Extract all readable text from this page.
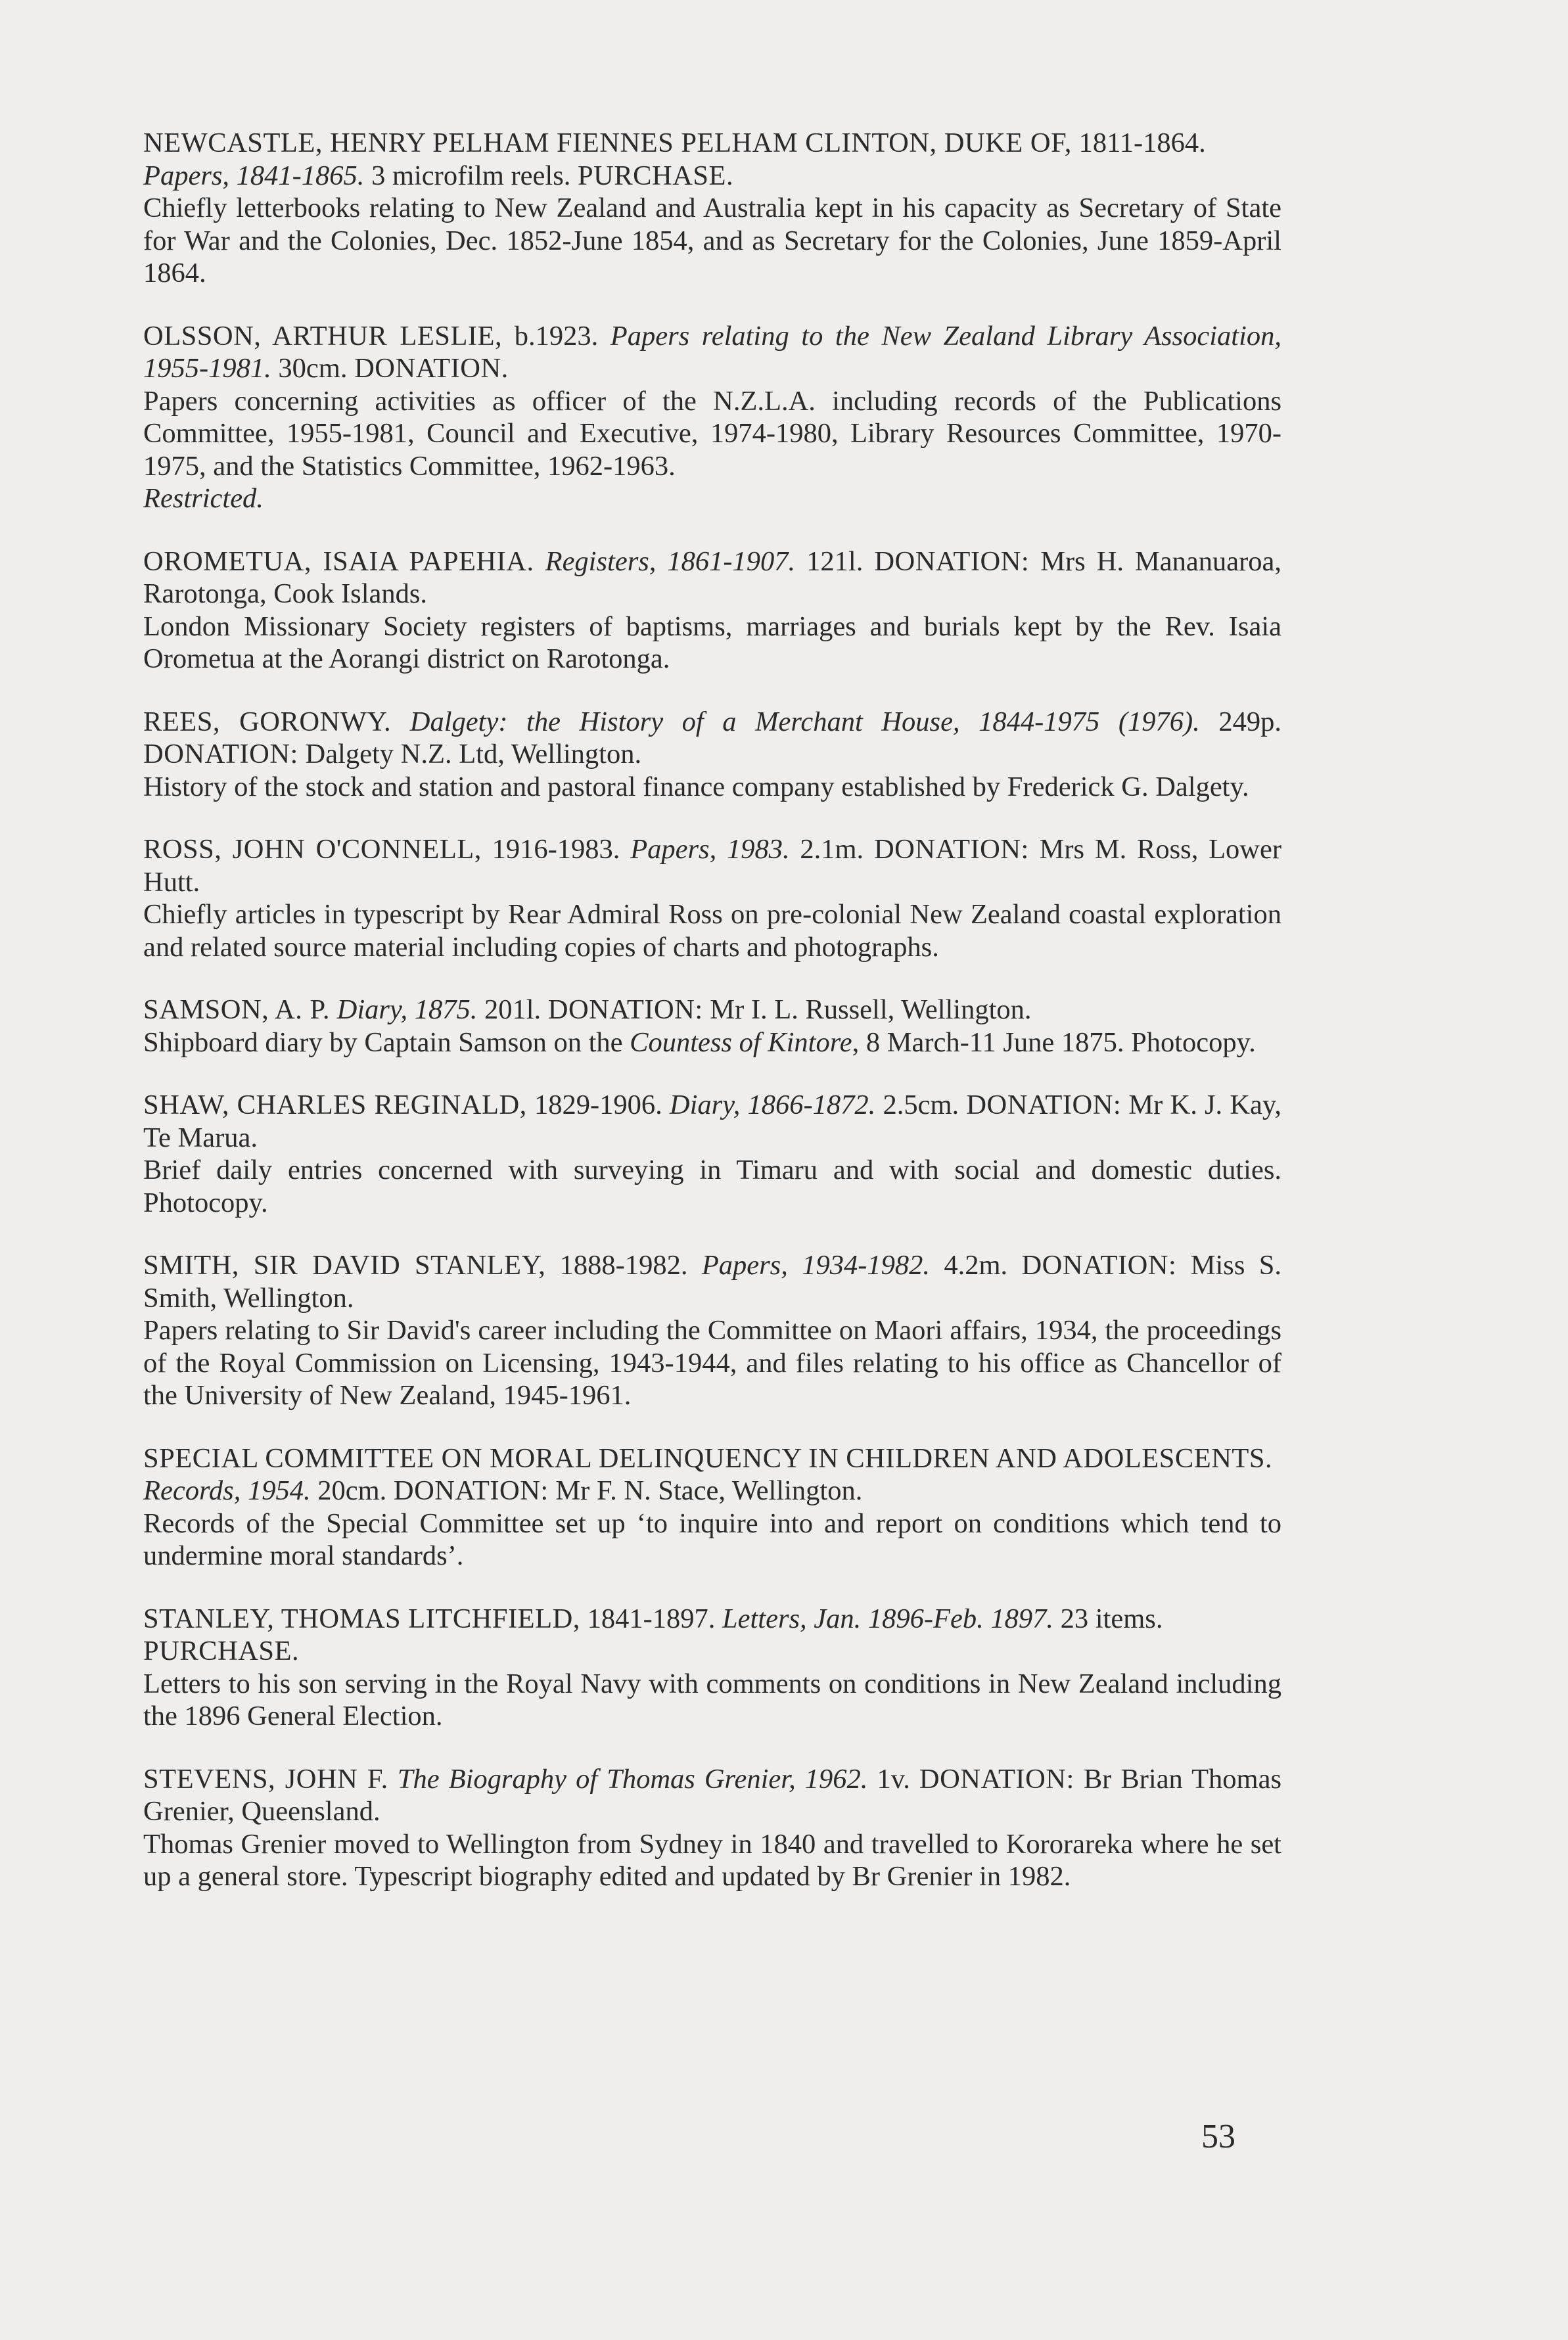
NEWCASTLE, HENRY PELHAM FIENNES PELHAM CLINTON, DUKE OF, 1811-1864.
Papers, 1841-1865. 3 microfilm reels. PURCHASE.
Chiefly letterbooks relating to New Zealand and Australia kept in his capacity as Secretary of State for War and the Colonies, Dec. 1852-June 1854, and as Secretary for the Colonies, June 1859-April 1864.
OLSSON, ARTHUR LESLIE, b.1923. Papers relating to the New Zealand Library Association, 1955-1981. 30cm. DONATION.
Papers concerning activities as officer of the N.Z.L.A. including records of the Publications Committee, 1955-1981, Council and Executive, 1974-1980, Library Resources Committee, 1970-1975, and the Statistics Committee, 1962-1963.
Restricted.
OROMETUA, ISAIA PAPEHIA. Registers, 1861-1907. 121l. DONATION: Mrs H. Mananuaroa, Rarotonga, Cook Islands.
London Missionary Society registers of baptisms, marriages and burials kept by the Rev. Isaia Orometua at the Aorangi district on Rarotonga.
REES, GORONWY. Dalgety: the History of a Merchant House, 1844-1975 (1976). 249p. DONATION: Dalgety N.Z. Ltd, Wellington.
History of the stock and station and pastoral finance company established by Frederick G. Dalgety.
ROSS, JOHN O'CONNELL, 1916-1983. Papers, 1983. 2.1m. DONATION: Mrs M. Ross, Lower Hutt.
Chiefly articles in typescript by Rear Admiral Ross on pre-colonial New Zealand coastal exploration and related source material including copies of charts and photographs.
SAMSON, A. P. Diary, 1875. 201l. DONATION: Mr I. L. Russell, Wellington.
Shipboard diary by Captain Samson on the Countess of Kintore, 8 March-11 June 1875. Photocopy.
SHAW, CHARLES REGINALD, 1829-1906. Diary, 1866-1872. 2.5cm. DONATION: Mr K. J. Kay, Te Marua.
Brief daily entries concerned with surveying in Timaru and with social and domestic duties. Photocopy.
SMITH, SIR DAVID STANLEY, 1888-1982. Papers, 1934-1982. 4.2m. DONATION: Miss S. Smith, Wellington.
Papers relating to Sir David's career including the Committee on Maori affairs, 1934, the proceedings of the Royal Commission on Licensing, 1943-1944, and files relating to his office as Chancellor of the University of New Zealand, 1945-1961.
SPECIAL COMMITTEE ON MORAL DELINQUENCY IN CHILDREN AND ADOLESCENTS.
Records, 1954. 20cm. DONATION: Mr F. N. Stace, Wellington.
Records of the Special Committee set up ‘to inquire into and report on conditions which tend to undermine moral standards’.
STANLEY, THOMAS LITCHFIELD, 1841-1897. Letters, Jan. 1896-Feb. 1897. 23 items.
PURCHASE.
Letters to his son serving in the Royal Navy with comments on conditions in New Zealand including the 1896 General Election.
STEVENS, JOHN F. The Biography of Thomas Grenier, 1962. 1v. DONATION: Br Brian Thomas Grenier, Queensland.
Thomas Grenier moved to Wellington from Sydney in 1840 and travelled to Kororareka where he set up a general store. Typescript biography edited and updated by Br Grenier in 1982.
53
